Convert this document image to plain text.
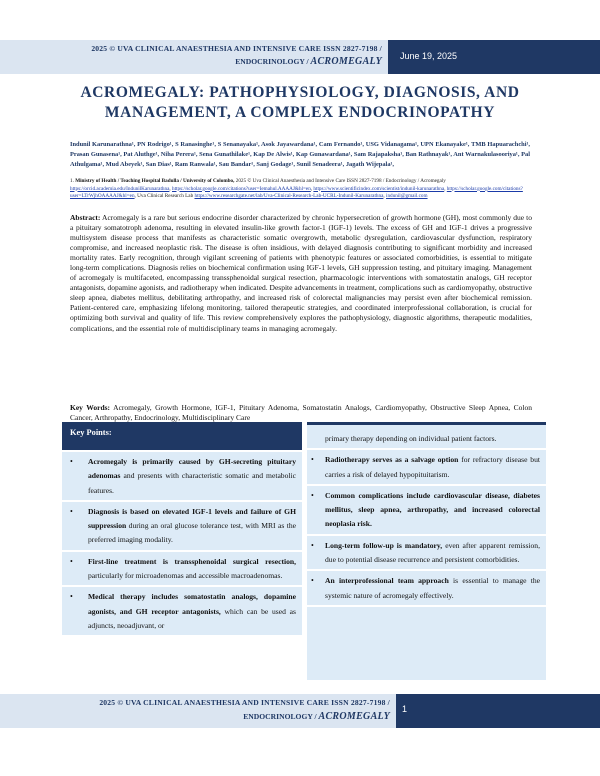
2025 © UVA CLINICAL ANAESTHESIA AND INTENSIVE CARE ISSN 2827-7198 /
ENDOCRINOLOGY / ACROMEGALY June 19, 2025
ACROMEGALY: PATHOPHYSIOLOGY, DIAGNOSIS, AND MANAGEMENT, A COMPLEX ENDOCRINOPATHY
Indunil Karunarathna¹, PN Rodrigo¹, S Ranasinghe¹, S Senanayaka¹, Asok Jayawardana¹, Cam Fernando¹, USG Vidanagama¹, UPN Ekanayake¹, TMB Hapuarachchi¹, Prasan Gunasena¹, Pat Aluthge¹, Niha Perera¹, Sena Gunathilake¹, Kap De Alwis¹, Kap Gunawardana¹, Sam Rajapaksha¹, Ban Rathnayak¹, Ant Warnakulasooriya¹, Pal Athulgama¹, Mud Abeyek¹, San Dias¹, Ram Ranwala¹, Sau Bandar¹, Sanj Godage¹, Sunil Senadeera¹, Jagath Wijepala¹,
1. Ministry of Health / Teaching Hospital Badulla / University of Colombo, 2025 © Uva Clinical Anaesthesia and Intensive Care ISSN 2827-7198 / Endocrinology / Acromegaly
https://orcid.academia.edu/IndunilKarunarathna, https://scholar.google.com/citations?user=Iemahul.AAAAJ&hl=en, https://www.scientificindex.com/scientist/indunil-karunarathna, https://scholar.google.com/citations?user=LTrWjhOAAAAJ&hl=en, Uva Clinical Research Lab https://www.researchgate.net/lab/Uva-Clinical-Research-Lab-UCRL-Indunil-Karunarathna, indunil@gmail.com
Abstract: Acromegaly is a rare but serious endocrine disorder characterized by chronic hypersecretion of growth hormone (GH), most commonly due to a pituitary somatotroph adenoma, resulting in elevated insulin-like growth factor-1 (IGF-1) levels. The excess of GH and IGF-1 drives a progressive multisystem disease process that manifests as characteristic somatic overgrowth, metabolic dysregulation, cardiovascular dysfunction, respiratory compromise, and increased neoplastic risk. The disease is often insidious, with delayed diagnosis contributing to significant morbidity and increased mortality rates. Early recognition, through vigilant screening of patients with phenotypic features or associated comorbidities, is essential to mitigate long-term complications. Diagnosis relies on biochemical confirmation using IGF-1 levels, GH suppression testing, and pituitary imaging. Management of acromegaly is multifaceted, encompassing transsphenoidal surgical resection, pharmacologic interventions with somatostatin analogs, GH receptor antagonists, dopamine agonists, and radiotherapy when indicated. Despite advancements in treatment, complications such as cardiomyopathy, obstructive sleep apnea, diabetes mellitus, debilitating arthropathy, and increased risk of colorectal malignancies may persist even after biochemical remission. Patient-centered care, emphasizing lifelong monitoring, tailored therapeutic strategies, and coordinated interprofessional collaboration, is crucial for optimizing both survival and quality of life. This review comprehensively explores the pathophysiology, diagnostic algorithms, therapeutic modalities, complications, and the essential role of multidisciplinary teams in managing acromegaly.
Key Words: Acromegaly, Growth Hormone, IGF-1, Pituitary Adenoma, Somatostatin Analogs, Cardiomyopathy, Obstructive Sleep Apnea, Colon Cancer, Arthropathy, Endocrinology, Multidisciplinary Care
Key Points:
• Acromegaly is primarily caused by GH-secreting pituitary adenomas and presents with characteristic somatic and metabolic features.
• Diagnosis is based on elevated IGF-1 levels and failure of GH suppression during an oral glucose tolerance test, with MRI as the preferred imaging modality.
• First-line treatment is transsphenoidal surgical resection, particularly for microadenomas and accessible macroadenomas.
• Medical therapy includes somatostatin analogs, dopamine agonists, and GH receptor antagonists, which can be used as adjuncts, neoadjuvant, or
primary therapy depending on individual patient factors.
• Radiotherapy serves as a salvage option for refractory disease but carries a risk of delayed hypopituitarism.
• Common complications include cardiovascular disease, diabetes mellitus, sleep apnea, arthropathy, and increased colorectal neoplasia risk.
• Long-term follow-up is mandatory, even after apparent remission, due to potential disease recurrence and persistent comorbidities.
• An interprofessional team approach is essential to manage the systemic nature of acromegaly effectively.
2025 © UVA CLINICAL ANAESTHESIA AND INTENSIVE CARE ISSN 2827-7198 /
ENDOCRINOLOGY / ACROMEGALY
1
